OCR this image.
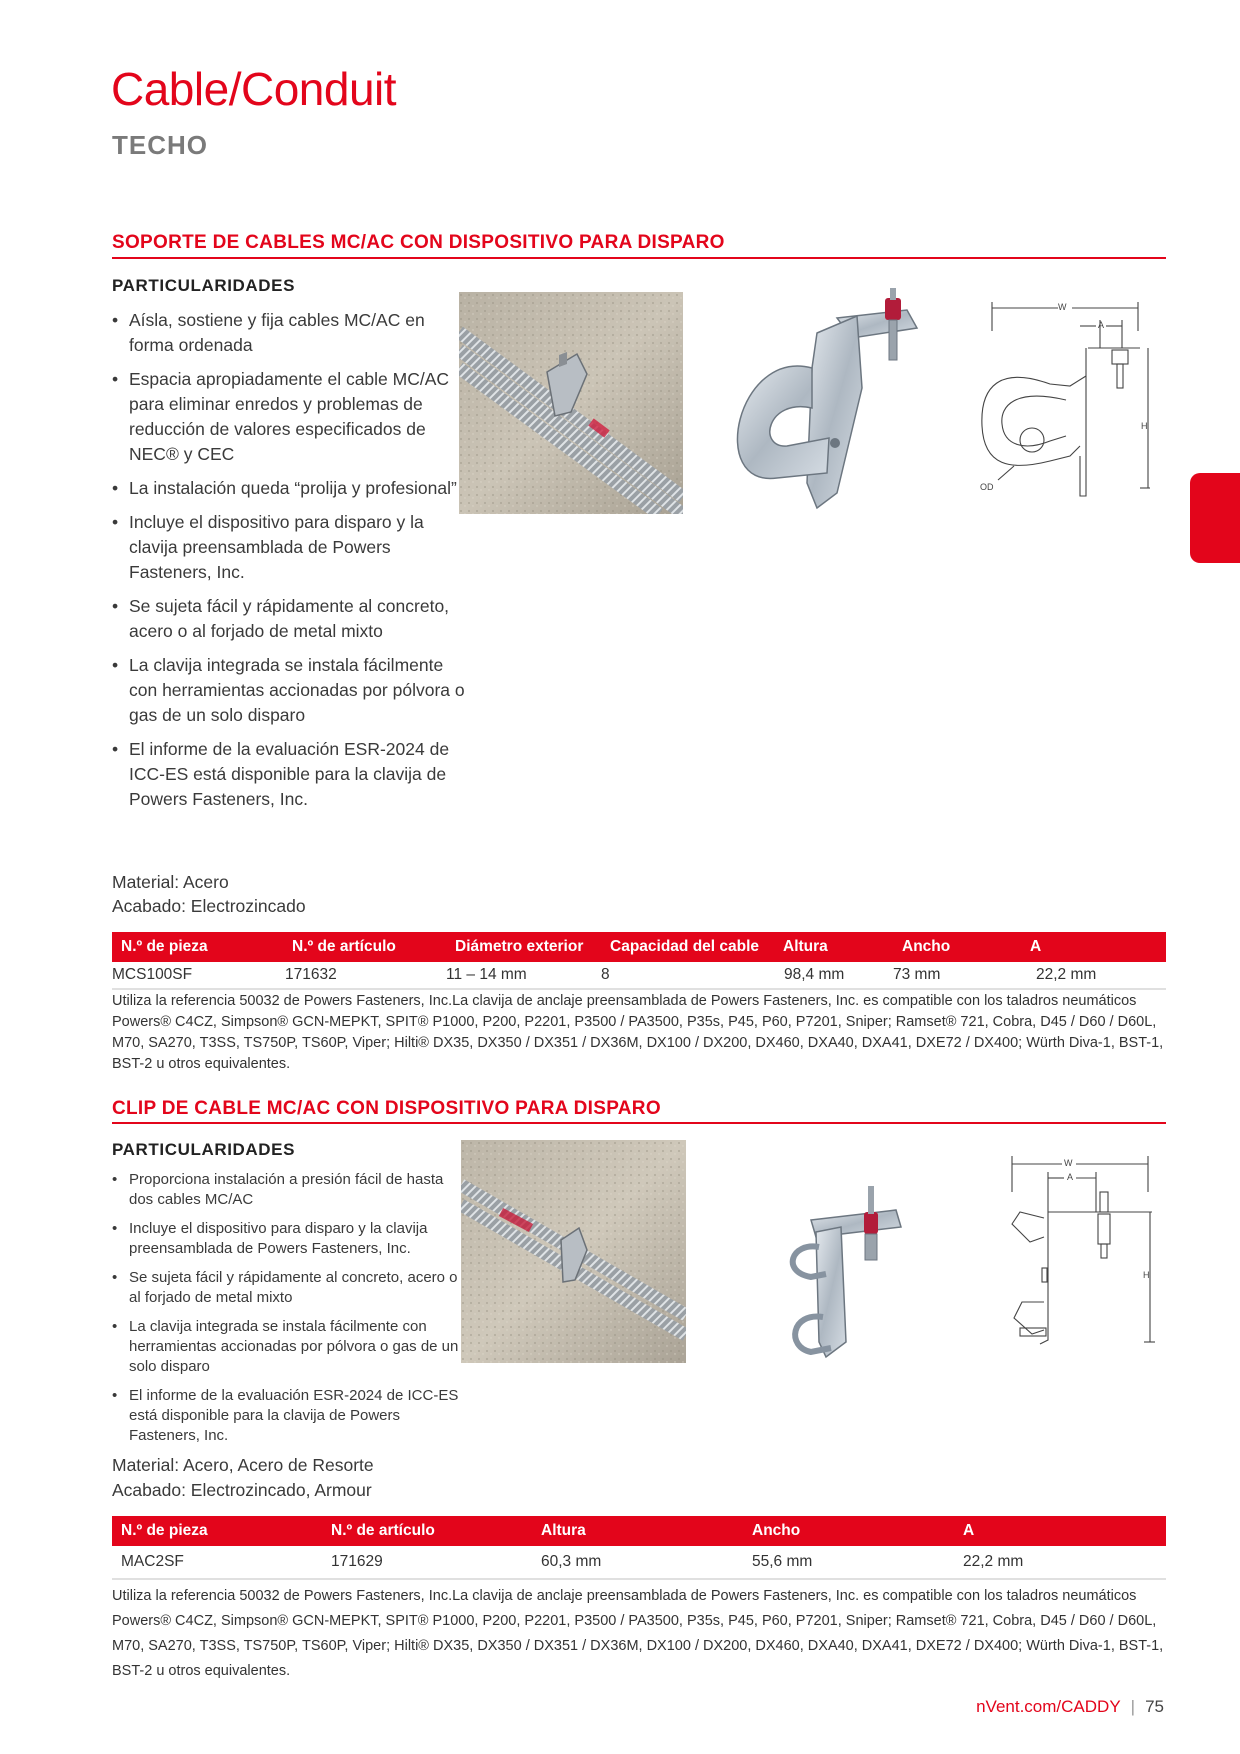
Cable/Conduit
TECHO
SOPORTE DE CABLES MC/AC CON DISPOSITIVO PARA DISPARO
PARTICULARIDADES
• Aísla, sostiene y fija cables MC/AC en forma ordenada
• Espacia apropiadamente el cable MC/AC para eliminar enredos y problemas de reducción de valores especificados de NEC® y CEC
• La instalación queda “prolija y profesional”
• Incluye el dispositivo para disparo y la clavija preensamblada de Powers Fasteners, Inc.
• Se sujeta fácil y rápidamente al concreto, acero o al forjado de metal mixto
• La clavija integrada se instala fácilmente con herramientas accionadas por pólvora o gas de un solo disparo
• El informe de la evaluación ESR-2024 de ICC-ES está disponible para la clavija de Powers Fasteners, Inc.
Material: Acero
Acabado: Electrozincado
W
A
H
OD
N.º de pieza	N.º de artículo	Diámetro exterior	Capacidad del cable	Altura	Ancho	A
MCS100SF	171632	11 – 14 mm	8	98,4 mm	73 mm	22,2 mm
Utiliza la referencia 50032 de Powers Fasteners, Inc.La clavija de anclaje preensamblada de Powers Fasteners, Inc. es compatible con los taladros neumáticos Powers® C4CZ, Simpson® GCN-MEPKT, SPIT® P1000, P200, P2201, P3500 / PA3500, P35s, P45, P60, P7201, Sniper; Ramset® 721, Cobra, D45 / D60 / D60L, M70, SA270, T3SS, TS750P, TS60P, Viper; Hilti® DX35, DX350 / DX351 / DX36M, DX100 / DX200, DX460, DXA40, DXA41, DXE72 / DX400; Würth Diva-1, BST-1, BST-2 u otros equivalentes.
CLIP DE CABLE MC/AC CON DISPOSITIVO PARA DISPARO
PARTICULARIDADES
• Proporciona instalación a presión fácil de hasta dos cables MC/AC
• Incluye el dispositivo para disparo y la clavija preensamblada de Powers Fasteners, Inc.
• Se sujeta fácil y rápidamente al concreto, acero o al forjado de metal mixto
• La clavija integrada se instala fácilmente con herramientas accionadas por pólvora o gas de un solo disparo
• El informe de la evaluación ESR-2024 de ICC-ES está disponible para la clavija de Powers Fasteners, Inc.
Material: Acero, Acero de Resorte
Acabado: Electrozincado, Armour
W
A
H
N.º de pieza	N.º de artículo	Altura	Ancho	A
MAC2SF	171629	60,3 mm	55,6 mm	22,2 mm
Utiliza la referencia 50032 de Powers Fasteners, Inc.La clavija de anclaje preensamblada de Powers Fasteners, Inc. es compatible con los taladros neumáticos Powers® C4CZ, Simpson® GCN-MEPKT, SPIT® P1000, P200, P2201, P3500 / PA3500, P35s, P45, P60, P7201, Sniper; Ramset® 721, Cobra, D45 / D60 / D60L, M70, SA270, T3SS, TS750P, TS60P, Viper; Hilti® DX35, DX350 / DX351 / DX36M, DX100 / DX200, DX460, DXA40, DXA41, DXE72 / DX400; Würth Diva-1, BST-1, BST-2 u otros equivalentes.
nVent.com/CADDY | 75
